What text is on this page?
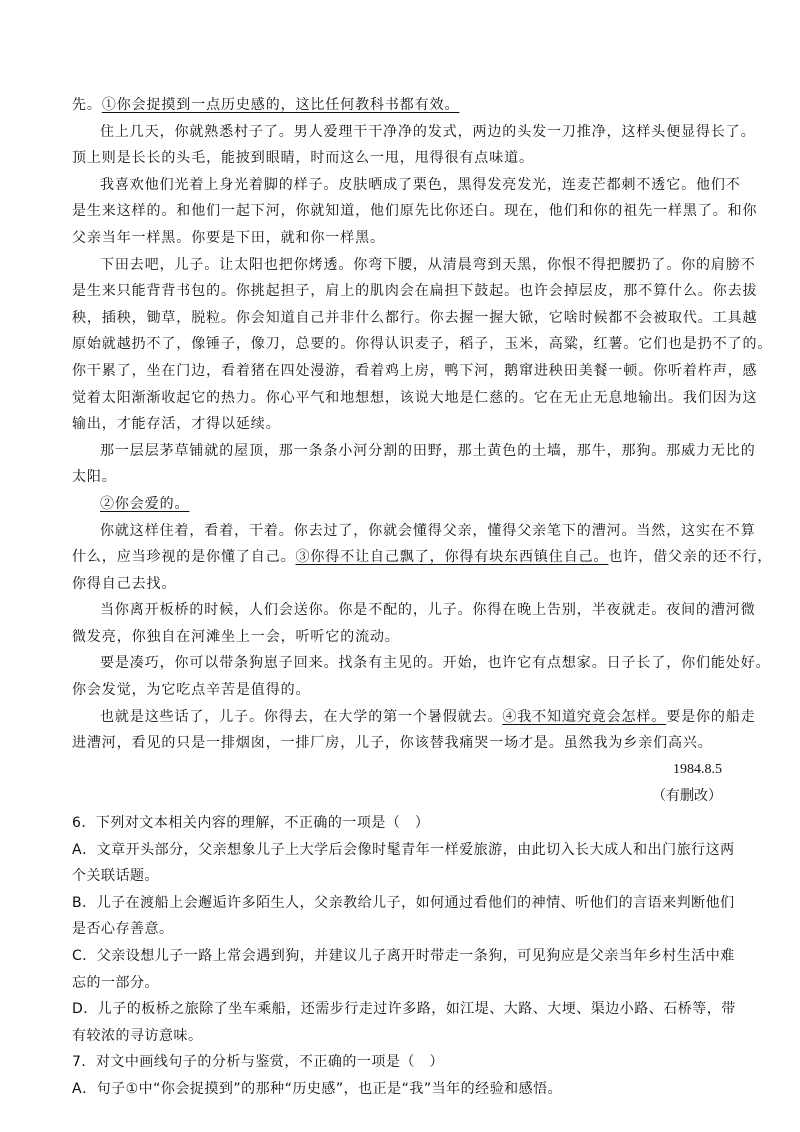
先。①你会捉摸到一点历史感的，这比任何教科书都有效。
住上几天，你就熟悉村子了。男人爱理干干净净的发式，两边的头发一刀推净，这样头便显得长了。
顶上则是长长的头毛，能披到眼睛，时而这么一甩，甩得很有点味道。
我喜欢他们光着上身光着脚的样子。皮肤晒成了栗色，黑得发亮发光，连麦芒都刺不透它。他们不
是生来这样的。和他们一起下河，你就知道，他们原先比你还白。现在，他们和你的祖先一样黑了。和你
父亲当年一样黑。你要是下田，就和你一样黑。
下田去吧，儿子。让太阳也把你烤透。你弯下腰，从清晨弯到天黑，你恨不得把腰扔了。你的肩膀不
是生来只能背背书包的。你挑起担子，肩上的肌肉会在扁担下鼓起。也许会掉层皮，那不算什么。你去拔
秧，插秧，锄草，脱粒。你会知道自己并非什么都行。你去握一握大锨，它啥时候都不会被取代。工具越
原始就越扔不了，像锤子，像刀，总要的。你得认识麦子，稻子，玉米，高粱，红薯。它们也是扔不了的。
你干累了，坐在门边，看着猪在四处漫游，看着鸡上房，鸭下河，鹅窜进秧田美餐一顿。你听着杵声，感
觉着太阳渐渐收起它的热力。你心平气和地想想，该说大地是仁慈的。它在无止无息地输出。我们因为这
输出，才能存活，才得以延续。
那一层层茅草铺就的屋顶，那一条条小河分割的田野，那土黄色的土墙，那牛，那狗。那威力无比的
太阳。
②你会爱的。
你就这样住着，看着，干着。你去过了，你就会懂得父亲，懂得父亲笔下的漕河。当然，这实在不算
什么，应当珍视的是你懂了自己。③你得不让自己飘了，你得有块东西镇住自己。也许，借父亲的还不行，
你得自己去找。
当你离开板桥的时候，人们会送你。你是不配的，儿子。你得在晚上告别，半夜就走。夜间的漕河微
微发亮，你独自在河滩坐上一会，听听它的流动。
要是凑巧，你可以带条狗崽子回来。找条有主见的。开始，也许它有点想家。日子长了，你们能处好。
你会发觉，为它吃点辛苦是值得的。
也就是这些话了，儿子。你得去，在大学的第一个暑假就去。④我不知道究竟会怎样。要是你的船走
进漕河，看见的只是一排烟囱，一排厂房，儿子，你该替我痛哭一场才是。虽然我为乡亲们高兴。
1984.8.5
（有删改）
6．下列对文本相关内容的理解，不正确的一项是（　）
A．文章开头部分，父亲想象儿子上大学后会像时髦青年一样爱旅游，由此切入长大成人和出门旅行这两
个关联话题。
B．儿子在渡船上会邂逅许多陌生人，父亲教给儿子，如何通过看他们的神情、听他们的言语来判断他们
是否心存善意。
C．父亲设想儿子一路上常会遇到狗，并建议儿子离开时带走一条狗，可见狗应是父亲当年乡村生活中难
忘的一部分。
D．儿子的板桥之旅除了坐车乘船，还需步行走过许多路，如江堤、大路、大埂、渠边小路、石桥等，带
有较浓的寻访意味。
7．对文中画线句子的分析与鉴赏，不正确的一项是（　）
A．句子①中“你会捉摸到”的那种“历史感”，也正是“我”当年的经验和感悟。
